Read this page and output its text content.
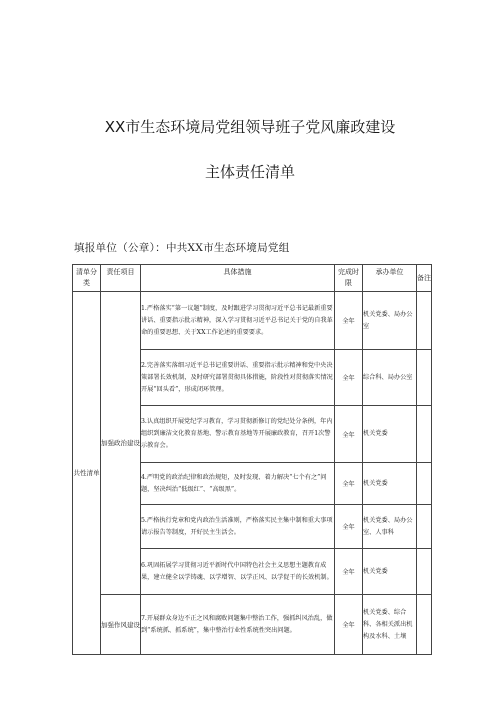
XX市生态环境局党组领导班子党风廉政建设
主体责任清单
填报单位（公章）：中共XX市生态环境局党组
清单分类	责任项目	具体措施	完成时限	承办单位	备注
共性清单	加强政治建设	1.严格落实“第一议题”制度，及时跟进学习贯彻习近平总书记最新重要讲话、重要指示批示精神，深入学习贯彻习近平总书记关于党的自我革命的重要思想、关于XX工作论述的重要要求。	全年	机关党委、局办公室	
		2.完善落实落细习近平总书记重要讲话、重要指示批示精神和党中央决策部署长效机制，及时研究部署贯彻具体措施，阶段性对贯彻落实情况开展“回头看”，形成闭环管理。	全年	综合科、局办公室	
		3.认真组织开展党纪学习教育，学习贯彻新修订的党纪处分条例，年内组织到廉洁文化教育基地、警示教育基地等开展廉政教育，召开1次警示教育会。	全年	机关党委	
		4.严明党的政治纪律和政治规矩，及时发现、着力解决“七个有之”问题，坚决纠治“低级红”、“高级黑”。	全年	机关党委	
		5.严格执行党章和党内政治生活准则，严格落实民主集中制和重大事项请示报告等制度，开好民主生活会。	全年	机关党委、局办公室、人事科	
		6.巩固拓展学习贯彻习近平新时代中国特色社会主义思想主题教育成果，建立健全以学铸魂、以学增智、以学正风、以学促干的长效机制。	全年	机关党委	
	加强作风建设	7.开展群众身边不正之风和腐败问题集中整治工作，强抓纠风治乱，做到“系统抓、抓系统”，集中整治行业性系统性突出问题。	全年	机关党委、综合科、各相关派出机构及水科、土壤	
